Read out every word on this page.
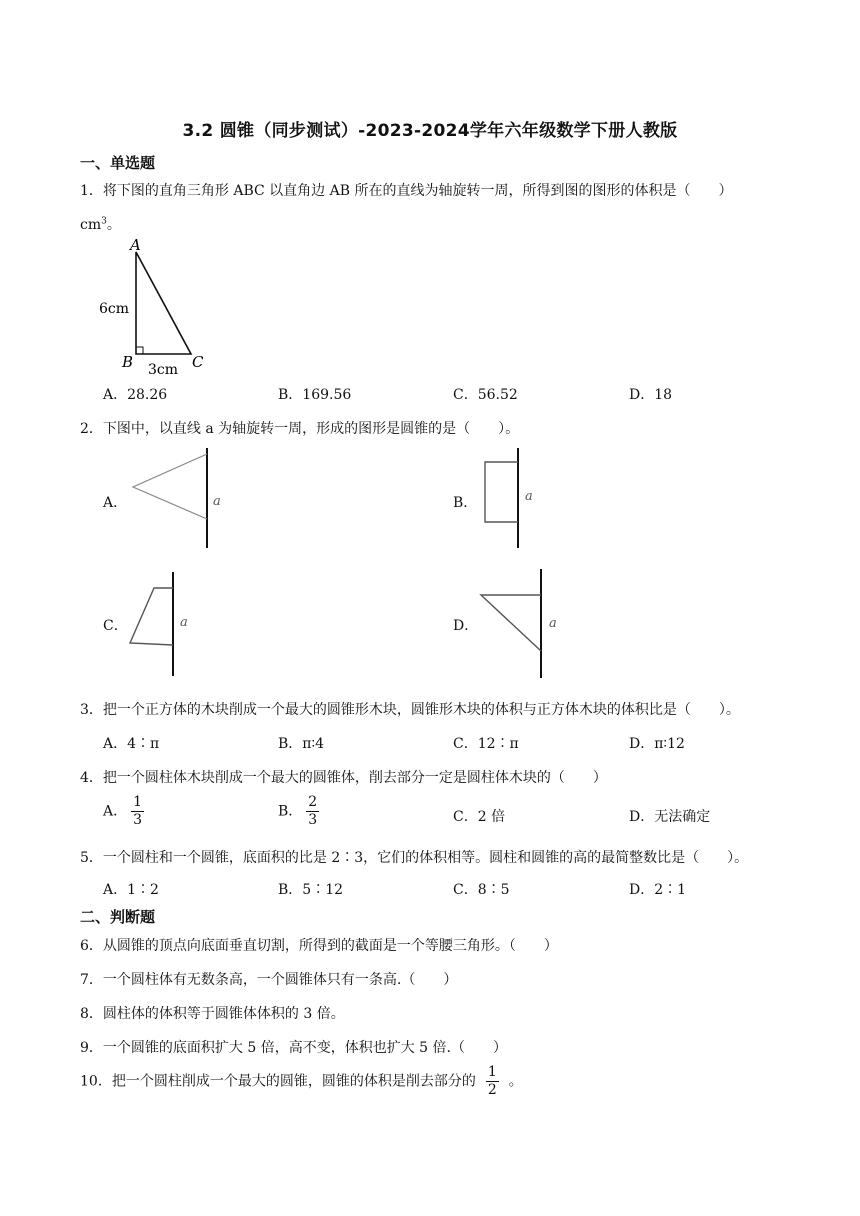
3.2 圆锥（同步测试）-2023-2024学年六年级数学下册人教版
一、单选题
1．将下图的直角三角形 ABC 以直角边 AB 所在的直线为轴旋转一周，所得到图的图形的体积是（　　）
$cm^3$。
A
B	C
6cm
3cm
A．28.26	B．169.56	C．56.52	D．18
2．下图中，以直线 a 为轴旋转一周，形成的图形是圆锥的是（　　）。
A．	a	B．	a
C．	a	D．	a
3．把一个正方体的木块削成一个最大的圆锥形木块，圆锥形木块的体积与正方体木块的体积比是（　　）。
A．4∶π	B．π∶4	C．12∶π	D．π∶12
4．把一个圆柱体木块削成一个最大的圆锥体，削去部分一定是圆柱体木块的（　　）
A． $\frac{1}{3}$	B． $\frac{2}{3}$	C．2 倍	D．无法确定
5．一个圆柱和一个圆锥，底面积的比是 2∶3，它们的体积相等。圆柱和圆锥的高的最简整数比是（　　）。
A．1∶2	B．5∶12	C．8∶5	D．2∶1
二、判断题
6．从圆锥的顶点向底面垂直切割，所得到的截面是一个等腰三角形。（　　）
7．一个圆柱体有无数条高，一个圆锥体只有一条高.（　　）
8．圆柱体的体积等于圆锥体体积的 3 倍。
9．一个圆锥的底面积扩大 5 倍，高不变，体积也扩大 5 倍.（　　）
10．把一个圆柱削成一个最大的圆锥，圆锥的体积是削去部分的 $\frac{1}{2}$ 。
